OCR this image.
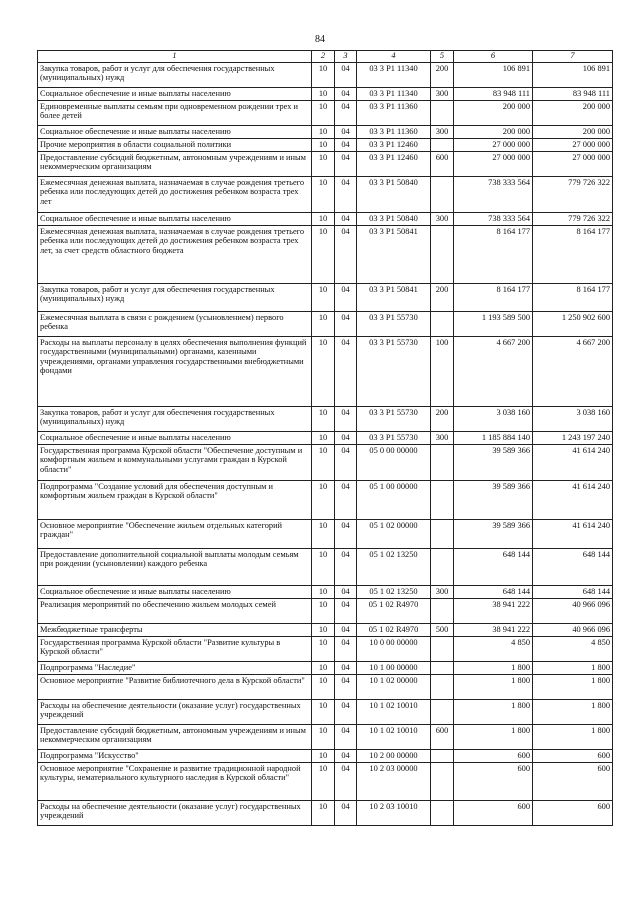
84
1	2	3	4	5	6	7
Закупка товаров, работ и услуг для обеспечения государственных (муниципальных) нужд	10	04	03 3 P1 11340	200	106 891	106 891
Социальное обеспечение и иные выплаты населению	10	04	03 3 P1 11340	300	83 948 111	83 948 111
Единовременные выплаты семьям при одновременном рождении трех и более детей	10	04	03 3 P1 11360		200 000	200 000
Социальное обеспечение и иные выплаты населению	10	04	03 3 P1 11360	300	200 000	200 000
Прочие мероприятия в области социальной политики	10	04	03 3 P1 12460		27 000 000	27 000 000
Предоставление субсидий бюджетным, автономным учреждениям и иным некоммерческим организациям	10	04	03 3 P1 12460	600	27 000 000	27 000 000
Ежемесячная денежная выплата, назначаемая в случае рождения третьего ребенка или последующих детей до достижения ребенком возраста трех лет	10	04	03 3 P1 50840		738 333 564	779 726 322
Социальное обеспечение и иные выплаты населению	10	04	03 3 P1 50840	300	738 333 564	779 726 322
Ежемесячная денежная выплата, назначаемая в случае рождения третьего ребенка или последующих детей до достижения ребенком возраста трех лет, за счет средств областного бюджета	10	04	03 3 P1 50841		8 164 177	8 164 177
Закупка товаров, работ и услуг для обеспечения государственных (муниципальных) нужд	10	04	03 3 P1 50841	200	8 164 177	8 164 177
Ежемесячная выплата в связи с рождением (усыновлением) первого ребенка	10	04	03 3 P1 55730		1 193 589 500	1 250 902 600
Расходы на выплаты персоналу в целях обеспечения выполнения функций государственными (муниципальными) органами, казенными учреждениями, органами управления государственными внебюджетными фондами	10	04	03 3 P1 55730	100	4 667 200	4 667 200
Закупка товаров, работ и услуг для обеспечения государственных (муниципальных) нужд	10	04	03 3 P1 55730	200	3 038 160	3 038 160
Социальное обеспечение и иные выплаты населению	10	04	03 3 P1 55730	300	1 185 884 140	1 243 197 240
Государственная программа Курской области "Обеспечение доступным и комфортным жильем и коммунальными услугами граждан в Курской области"	10	04	05 0 00 00000		39 589 366	41 614 240
Подпрограмма "Создание условий для обеспечения доступным и комфортным жильем граждан в Курской области"	10	04	05 1 00 00000		39 589 366	41 614 240
Основное мероприятие "Обеспечение жильем отдельных категорий граждан"	10	04	05 1 02 00000		39 589 366	41 614 240
Предоставление дополнительной социальной выплаты молодым семьям при рождении (усыновлении) каждого ребенка	10	04	05 1 02 13250		648 144	648 144
Социальное обеспечение и иные выплаты населению	10	04	05 1 02 13250	300	648 144	648 144
Реализация мероприятий по обеспечению жильем молодых семей	10	04	05 1 02 R4970		38 941 222	40 966 096
Межбюджетные трансферты	10	04	05 1 02 R4970	500	38 941 222	40 966 096
Государственная программа Курской области "Развитие культуры в Курской области"	10	04	10 0 00 00000		4 850	4 850
Подпрограмма "Наследие"	10	04	10 1 00 00000		1 800	1 800
Основное мероприятие "Развитие библиотечного дела в Курской области"	10	04	10 1 02 00000		1 800	1 800
Расходы на обеспечение деятельности (оказание услуг) государственных учреждений	10	04	10 1 02 10010		1 800	1 800
Предоставление субсидий бюджетным, автономным учреждениям и иным некоммерческим организациям	10	04	10 1 02 10010	600	1 800	1 800
Подпрограмма "Искусство"	10	04	10 2 00 00000		600	600
Основное мероприятие "Сохранение и развитие традиционной народной культуры, нематериального культурного наследия в Курской области"	10	04	10 2 03 00000		600	600
Расходы на обеспечение деятельности (оказание услуг) государственных учреждений	10	04	10 2 03 10010		600	600
